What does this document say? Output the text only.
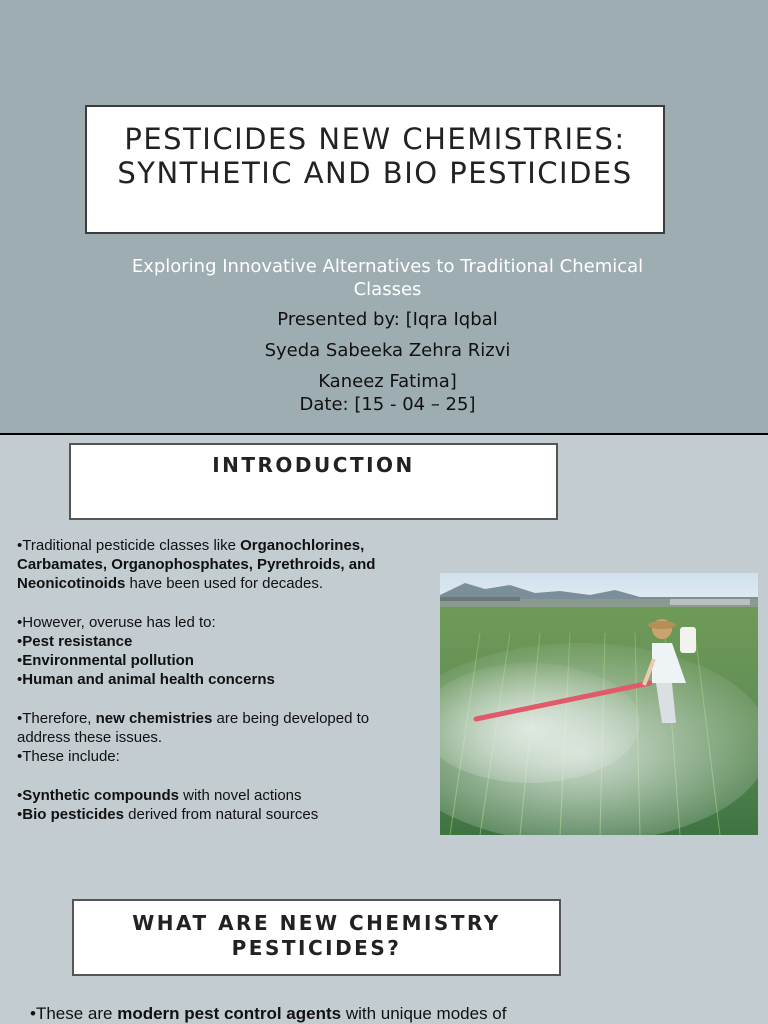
PESTICIDES NEW CHEMISTRIES:
SYNTHETIC AND BIO PESTICIDES
Exploring Innovative Alternatives to Traditional Chemical Classes
Presented by: [Iqra Iqbal
Syeda Sabeeka Zehra Rizvi
Kaneez Fatima]
Date: [15 - 04 – 25]
INTRODUCTION

•Traditional pesticide classes like Organochlorines, Carbamates, Organophosphates, Pyrethroids, and Neonicotinoids have been used for decades.

•However, overuse has led to:

•Pest resistance

•Environmental pollution

•Human and animal health concerns

•Therefore, new chemistries are being developed to address these issues.

•These include:

•Synthetic compounds with novel actions

•Bio pesticides derived from natural sources

WHAT ARE NEW CHEMISTRY PESTICIDES?
•These are modern pest control agents with unique modes of
